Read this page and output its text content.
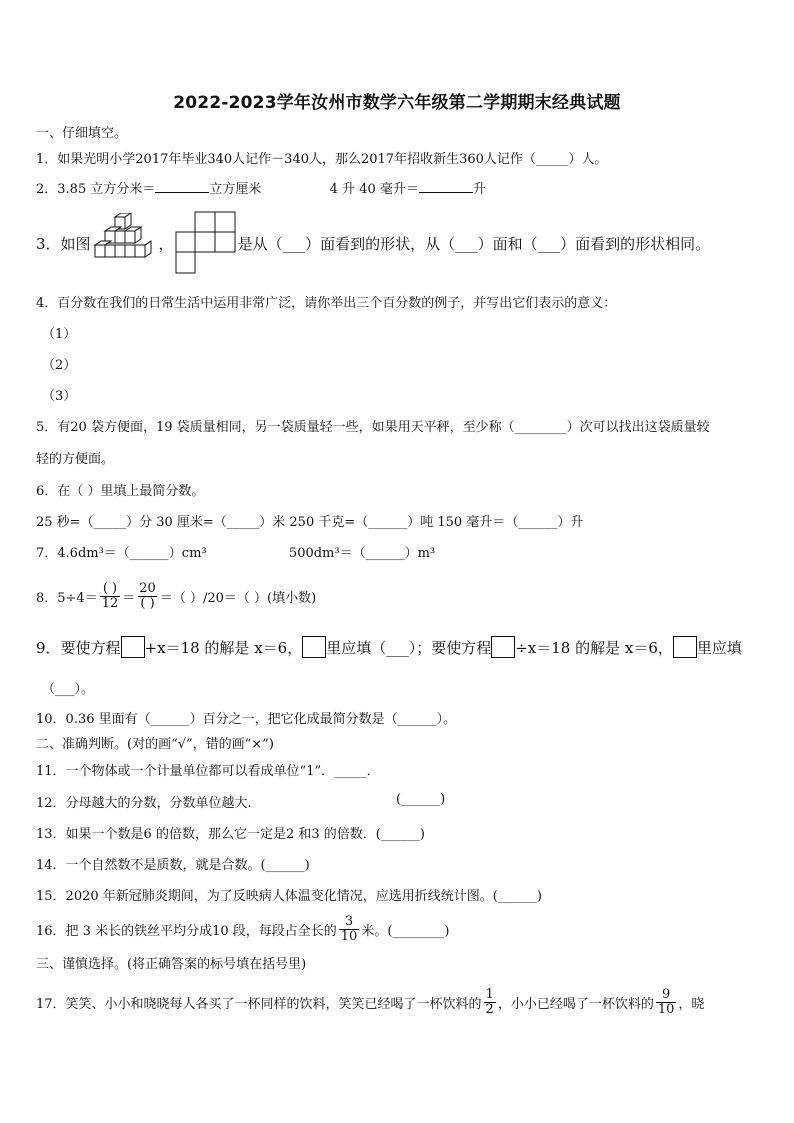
2022-2023学年汝州市数学六年级第二学期期末经典试题
一、仔细填空。
1．如果光明小学2017年毕业340人记作－340人，那么2017年招收新生360人记作（_____）人。
2．3.85 立方分米＝	立方厘米	4 升 40 毫升＝	升
3．如图	，	是从（___）面看到的形状，从（___）面和（___）面看到的形状相同。
4．百分数在我们的日常生活中运用非常广泛，请你举出三个百分数的例子，并写出它们表示的意义：
（1）
（2）
（3）
5．有20 袋方便面，19 袋质量相同，另一袋质量轻一些，如果用天平秤，至少称（________）次可以找出这袋质量较
轻的方便面。
6．在（ ）里填上最简分数。
25 秒=（_____）分 30 厘米=（_____）米 250 千克=（______）吨 150 毫升＝（______）升
7．4.6dm³＝（______）cm³	500dm³＝（______）m³
8．$5\div 4= \frac{( )}{12} = \frac{20}{( )}$ ＝（ ）/20＝（ ）(填小数)
9．要使方程 +x＝18 的解是 x＝6， 里应填（___）；要使方程 ÷x＝18 的解是 x＝6， 里应填
（___）。
10．0.36 里面有（______）百分之一，把它化成最简分数是（______）。
二、准确判断。(对的画“√”，错的画“×”)
11．一个物体或一个计量单位都可以看成单位“1”．_____．
12．分母越大的分数，分数单位越大.	(______)
13．如果一个数是6 的倍数，那么它一定是2 和3 的倍数．(______)
14．一个自然数不是质数，就是合数。(______)
15．2020 年新冠肺炎期间，为了反映病人体温变化情况，应选用折线统计图。(______)
16．把 3 米长的铁丝平均分成10 段，每段占全长的 $\frac{3}{10}$ 米。(________)
三、谨慎选择。(将正确答案的标号填在括号里)
17．笑笑、小小和晓晓每人各买了一杯同样的饮料，笑笑已经喝了一杯饮料的 $\frac{1}{2}$ ，小小已经喝了一杯饮料的 $\frac{9}{10}$ ，晓
